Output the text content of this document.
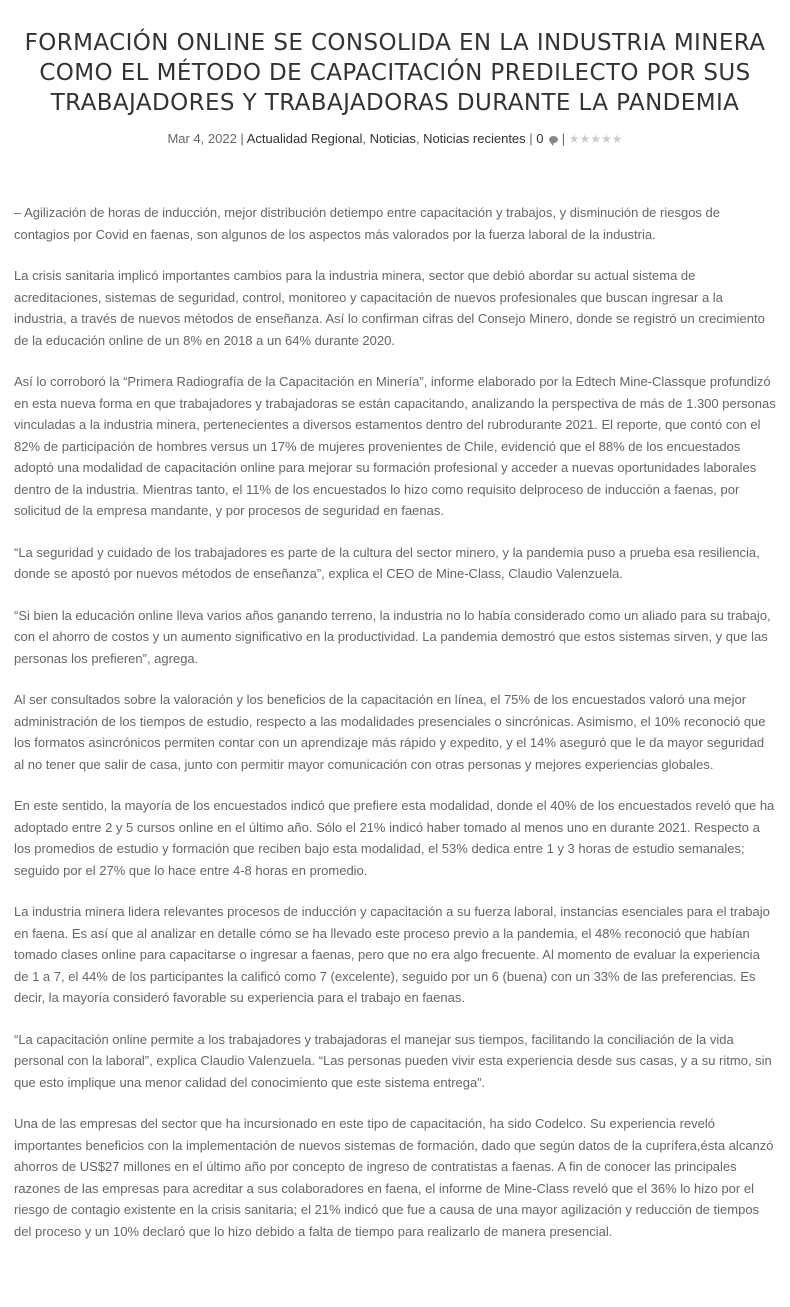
FORMACIÓN ONLINE SE CONSOLIDA EN LA INDUSTRIA MINERA COMO EL MÉTODO DE CAPACITACIÓN PREDILECTO POR SUS TRABAJADORES Y TRABAJADORAS DURANTE LA PANDEMIA
Mar 4, 2022 | Actualidad Regional, Noticias, Noticias recientes | 0  | ★★★★★

– Agilización de horas de inducción, mejor distribución detiempo entre capacitación y trabajos, y disminución de riesgos de contagios por Covid en faenas, son algunos de los aspectos más valorados por la fuerza laboral de la industria.

La crisis sanitaria implicó importantes cambios para la industria minera, sector que debió abordar su actual sistema de acreditaciones, sistemas de seguridad, control, monitoreo y capacitación de nuevos profesionales que buscan ingresar a la industria, a través de nuevos métodos de enseñanza. Así lo confirman cifras del Consejo Minero, donde se registró un crecimiento de la educación online de un 8% en 2018 a un 64% durante 2020.

Así lo corroboró la “Primera Radiografía de la Capacitación en Minería”, informe elaborado por la Edtech Mine-Classque profundizó en esta nueva forma en que trabajadores y trabajadoras se están capacitando, analizando la perspectiva de más de 1.300 personas vinculadas a la industria minera, pertenecientes a diversos estamentos dentro del rubrodurante 2021. El reporte, que contó con el 82% de participación de hombres versus un 17% de mujeres provenientes de Chile, evidenció que el 88% de los encuestados adoptó una modalidad de capacitación online para mejorar su formación profesional y acceder a nuevas oportunidades laborales dentro de la industria. Mientras tanto, el 11% de los encuestados lo hizo como requisito delproceso de inducción a faenas, por solicitud de la empresa mandante, y por procesos de seguridad en faenas.

“La seguridad y cuidado de los trabajadores es parte de la cultura del sector minero, y la pandemia puso a prueba esa resiliencia, donde se apostó por nuevos métodos de enseñanza”, explica el CEO de Mine-Class, Claudio Valenzuela.

“Si bien la educación online lleva varios años ganando terreno, la industria no lo había considerado como un aliado para su trabajo, con el ahorro de costos y un aumento significativo en la productividad. La pandemia demostró que estos sistemas sirven, y que las personas los prefieren”, agrega.

Al ser consultados sobre la valoración y los beneficios de la capacitación en línea, el 75% de los encuestados valoró una mejor administración de los tiempos de estudio, respecto a las modalidades presenciales o sincrónicas. Asimismo, el 10% reconoció que los formatos asincrónicos permiten contar con un aprendizaje más rápido y expedito, y el 14% aseguró que le da mayor seguridad al no tener que salir de casa, junto con permitir mayor comunicación con otras personas y mejores experiencias globales.

En este sentido, la mayoría de los encuestados indicó que prefiere esta modalidad, donde el 40% de los encuestados reveló que ha adoptado entre 2 y 5 cursos online en el último año. Sólo el 21% indicó haber tomado al menos uno en durante 2021. Respecto a los promedios de estudio y formación que reciben bajo esta modalidad, el 53% dedica entre 1 y 3 horas de estudio semanales; seguido por el 27% que lo hace entre 4-8 horas en promedio.

La industria minera lidera relevantes procesos de inducción y capacitación a su fuerza laboral, instancias esenciales para el trabajo en faena. Es así que al analizar en detalle cómo se ha llevado este proceso previo a la pandemia, el 48% reconoció que habían tomado clases online para capacitarse o ingresar a faenas, pero que no era algo frecuente. Al momento de evaluar la experiencia de 1 a 7, el 44% de los participantes la calificó como 7 (excelente), seguido por un 6 (buena) con un 33% de las preferencias. Es decir, la mayoría consideró favorable su experiencia para el trabajo en faenas.

“La capacitación online permite a los trabajadores y trabajadoras el manejar sus tiempos, facilitando la conciliación de la vida personal con la laboral”, explica Claudio Valenzuela. “Las personas pueden vivir esta experiencia desde sus casas, y a su ritmo, sin que esto implique una menor calidad del conocimiento que este sistema entrega”.

Una de las empresas del sector que ha incursionado en este tipo de capacitación, ha sido Codelco. Su experiencia reveló importantes beneficios con la implementación de nuevos sistemas de formación, dado que según datos de la cuprífera,ésta alcanzó ahorros de US$27 millones en el último año por concepto de ingreso de contratistas a faenas. A fin de conocer las principales razones de las empresas para acreditar a sus colaboradores en faena, el informe de Mine-Class reveló que el 36% lo hizo por el riesgo de contagio existente en la crisis sanitaria; el 21% indicó que fue a causa de una mayor agilización y reducción de tiempos del proceso y un 10% declaró que lo hizo debido a falta de tiempo para realizarlo de manera presencial.
